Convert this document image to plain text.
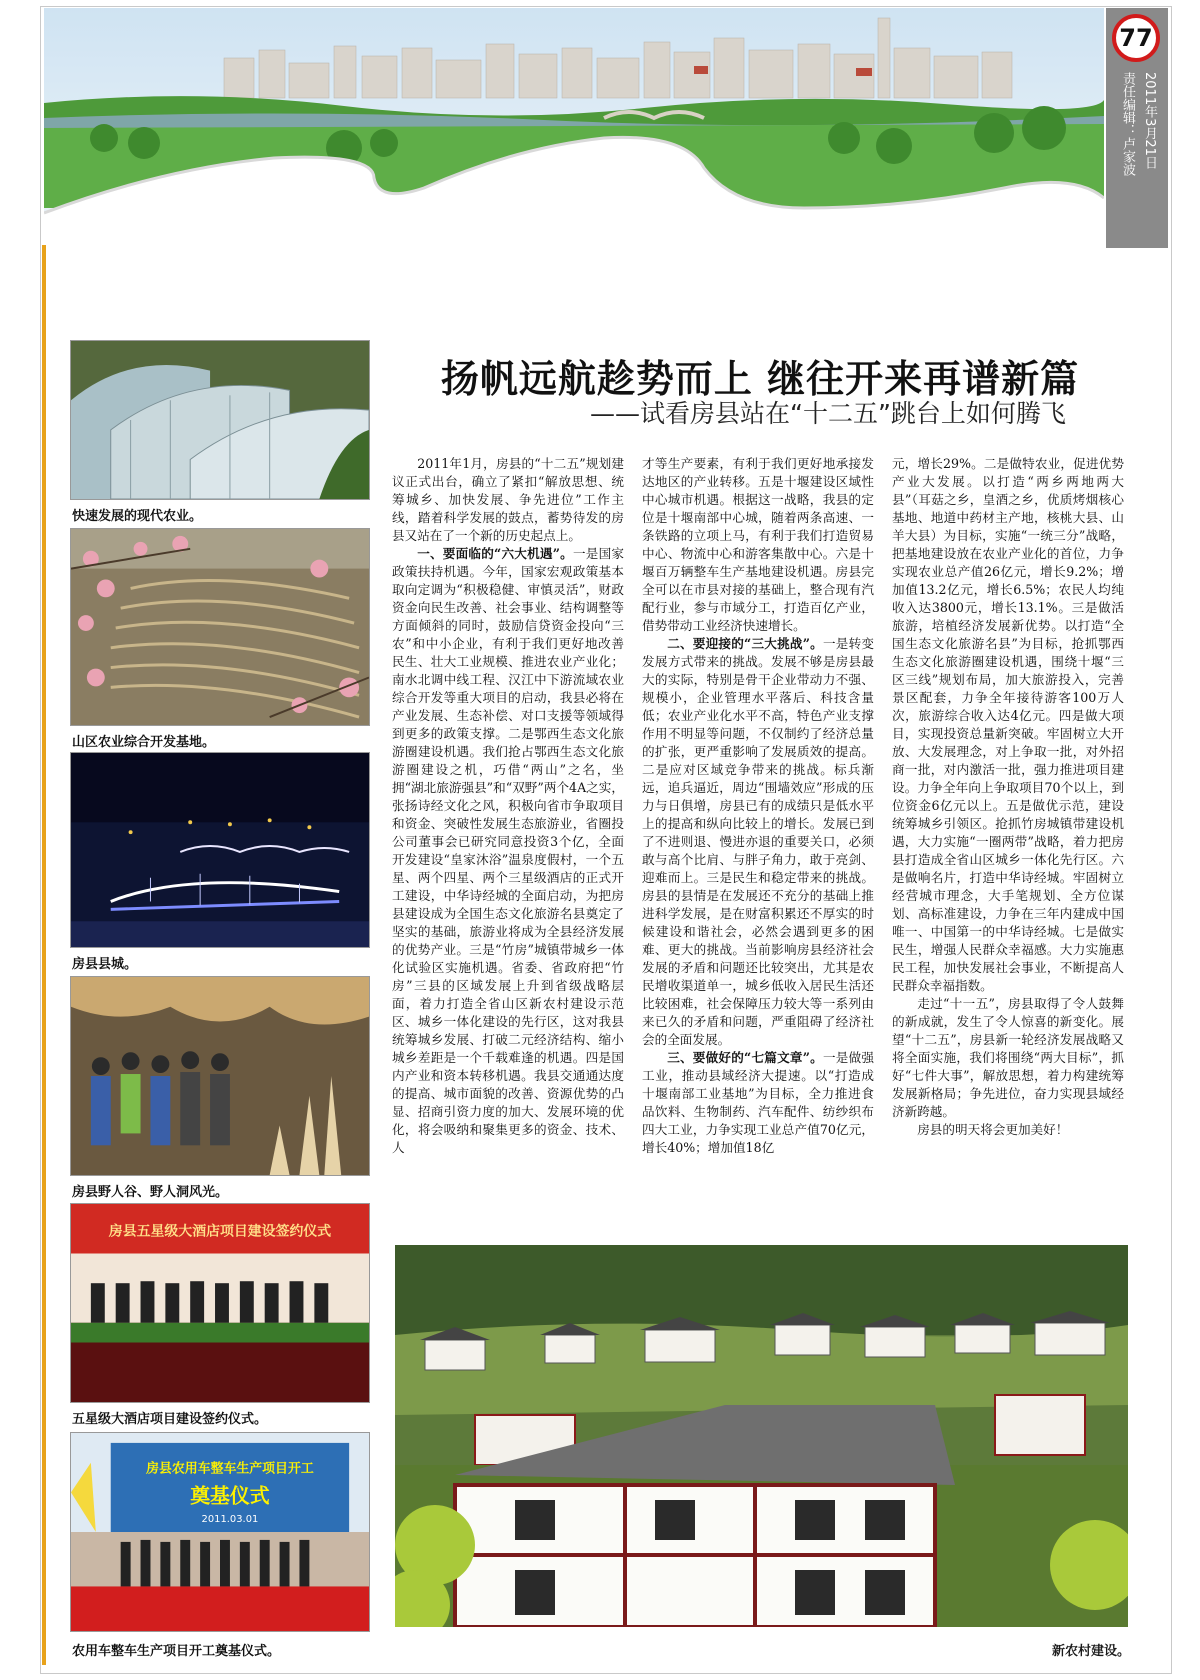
77
2011年3月21日
责任编辑：卢家波
快速发展的现代农业。
山区农业综合开发基地。
房县县城。
房县野人谷、野人洞风光。
房县五星级大酒店项目建设签约仪式
五星级大酒店项目建设签约仪式。
房县农用车整车生产项目开工
奠基仪式
2011.03.01
农用车整车生产项目开工奠基仪式。
扬帆远航趁势而上 继往开来再谱新篇
——试看房县站在“十二五”跳台上如何腾飞

2011年1月，房县的“十二五”规划建议正式出台，确立了紧扣“解放思想、统筹城乡、加快发展、争先进位”工作主线，踏着科学发展的鼓点，蓄势待发的房县又站在了一个新的历史起点上。

一、要面临的“六大机遇”。一是国家政策扶持机遇。今年，国家宏观政策基本取向定调为“积极稳健、审慎灵活”，财政资金向民生改善、社会事业、结构调整等方面倾斜的同时，鼓励信贷资金投向“三农”和中小企业，有利于我们更好地改善民生、壮大工业规模、推进农业产业化；南水北调中线工程、汉江中下游流域农业综合开发等重大项目的启动，我县必将在产业发展、生态补偿、对口支援等领域得到更多的政策支撑。二是鄂西生态文化旅游圈建设机遇。我们抢占鄂西生态文化旅游圈建设之机，巧借“两山”之名，坐拥“湖北旅游强县”和“双野”两个4A之实，张扬诗经文化之风，积极向省市争取项目和资金、突破性发展生态旅游业，省圈投公司董事会已研究同意投资3个亿，全面开发建设“皇家沐浴”温泉度假村，一个五星、两个四星、两个三星级酒店的正式开工建设，中华诗经城的全面启动，为把房县建设成为全国生态文化旅游名县奠定了坚实的基础，旅游业将成为全县经济发展的优势产业。三是“竹房”城镇带城乡一体化试验区实施机遇。省委、省政府把“竹房”三县的区域发展上升到省级战略层面，着力打造全省山区新农村建设示范区、城乡一体化建设的先行区，这对我县统筹城乡发展、打破二元经济结构、缩小城乡差距是一个千载难逢的机遇。四是国内产业和资本转移机遇。我县交通通达度的提高、城市面貌的改善、资源优势的凸显、招商引资力度的加大、发展环境的优化，将会吸纳和聚集更多的资金、技术、人

才等生产要素，有利于我们更好地承接发达地区的产业转移。五是十堰建设区域性中心城市机遇。根据这一战略，我县的定位是十堰南部中心城，随着两条高速、一条铁路的立项上马，有利于我们打造贸易中心、物流中心和游客集散中心。六是十堰百万辆整车生产基地建设机遇。房县完全可以在市县对接的基础上，整合现有汽配行业，参与市域分工，打造百亿产业，借势带动工业经济快速增长。

二、要迎接的“三大挑战”。一是转变发展方式带来的挑战。发展不够是房县最大的实际，特别是骨干企业带动力不强、规模小，企业管理水平落后、科技含量低；农业产业化水平不高，特色产业支撑作用不明显等问题，不仅制约了经济总量的扩张，更严重影响了发展质效的提高。二是应对区域竞争带来的挑战。标兵渐远，追兵逼近，周边“围墙效应”形成的压力与日俱增，房县已有的成绩只是低水平上的提高和纵向比较上的增长。发展已到了不进则退、慢进亦退的重要关口，必须敢与高个比肩、与胖子角力，敢于亮剑、迎难而上。三是民生和稳定带来的挑战。房县的县情是在发展还不充分的基础上推进科学发展，是在财富积累还不厚实的时候建设和谐社会，必然会遇到更多的困难、更大的挑战。当前影响房县经济社会发展的矛盾和问题还比较突出，尤其是农民增收渠道单一，城乡低收入居民生活还比较困难，社会保障压力较大等一系列由来已久的矛盾和问题，严重阻碍了经济社会的全面发展。

三、要做好的“七篇文章”。一是做强工业，推动县域经济大提速。以“打造成十堰南部工业基地”为目标，全力推进食品饮料、生物制药、汽车配件、纺纱织布四大工业，力争实现工业总产值70亿元，增长40%；增加值18亿

元，增长29%。二是做特农业，促进优势产业大发展。以打造“两乡两地两大县”（耳菇之乡，皇酒之乡，优质烤烟核心基地、地道中药材主产地，核桃大县、山羊大县）为目标，实施“一统三分”战略，把基地建设放在农业产业化的首位，力争实现农业总产值26亿元，增长9.2%；增加值13.2亿元，增长6.5%；农民人均纯收入达3800元，增长13.1%。三是做活旅游，培植经济发展新优势。以打造“全国生态文化旅游名县”为目标，抢抓鄂西生态文化旅游圈建设机遇，围绕十堰“三区三线”规划布局，加大旅游投入，完善景区配套，力争全年接待游客100万人次，旅游综合收入达4亿元。四是做大项目，实现投资总量新突破。牢固树立大开放、大发展理念，对上争取一批，对外招商一批，对内激活一批，强力推进项目建设。力争全年向上争取项目70个以上，到位资金6亿元以上。五是做优示范，建设统筹城乡引领区。抢抓竹房城镇带建设机遇，大力实施“一圈两带”战略，着力把房县打造成全省山区城乡一体化先行区。六是做响名片，打造中华诗经城。牢固树立经营城市理念，大手笔规划、全方位谋划、高标准建设，力争在三年内建成中国唯一、中国第一的中华诗经城。七是做实民生，增强人民群众幸福感。大力实施惠民工程，加快发展社会事业，不断提高人民群众幸福指数。

走过“十一五”，房县取得了令人鼓舞的新成就，发生了令人惊喜的新变化。展望“十二五”，房县新一轮经济发展战略又将全面实施，我们将围绕“两大目标”，抓好“七件大事”，解放思想，着力构建统筹发展新格局；争先进位，奋力实现县域经济新跨越。

房县的明天将会更加美好！

新农村建设。
